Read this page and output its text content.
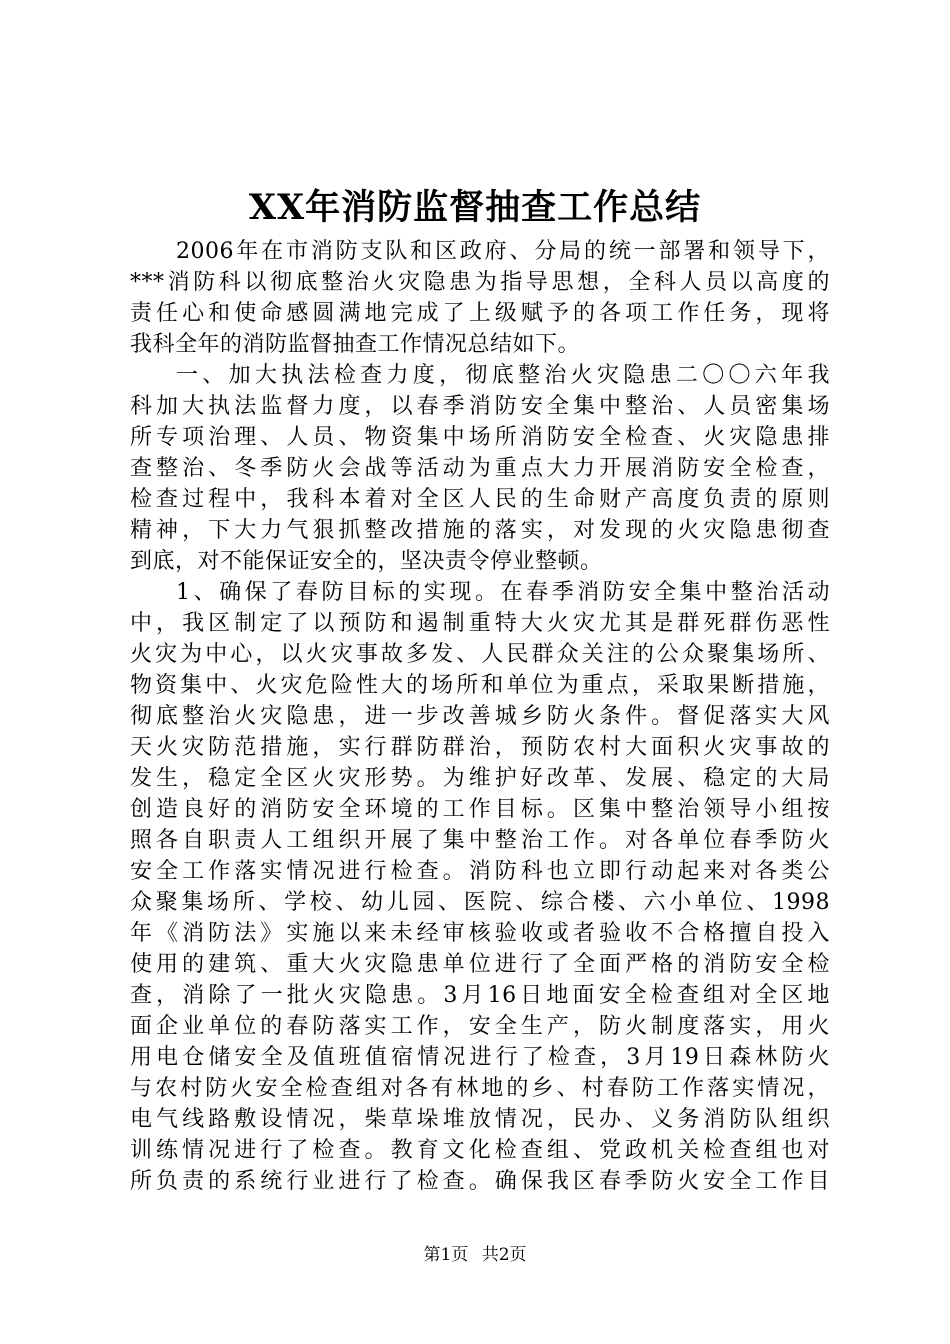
XX年消防监督抽查工作总结
2006年在市消防支队和区政府、分局的统一部署和领导下，
***消防科以彻底整治火灾隐患为指导思想，全科人员以高度的
责任心和使命感圆满地完成了上级赋予的各项工作任务，现将
我科全年的消防监督抽查工作情况总结如下。
一、加大执法检查力度，彻底整治火灾隐患二〇〇六年我
科加大执法监督力度，以春季消防安全集中整治、人员密集场
所专项治理、人员、物资集中场所消防安全检查、火灾隐患排
查整治、冬季防火会战等活动为重点大力开展消防安全检查，
检查过程中，我科本着对全区人民的生命财产高度负责的原则
精神，下大力气狠抓整改措施的落实，对发现的火灾隐患彻查
到底，对不能保证安全的，坚决责令停业整顿。
1、确保了春防目标的实现。在春季消防安全集中整治活动
中，我区制定了以预防和遏制重特大火灾尤其是群死群伤恶性
火灾为中心，以火灾事故多发、人民群众关注的公众聚集场所、
物资集中、火灾危险性大的场所和单位为重点，采取果断措施，
彻底整治火灾隐患，进一步改善城乡防火条件。督促落实大风
天火灾防范措施，实行群防群治，预防农村大面积火灾事故的
发生，稳定全区火灾形势。为维护好改革、发展、稳定的大局
创造良好的消防安全环境的工作目标。区集中整治领导小组按
照各自职责人工组织开展了集中整治工作。对各单位春季防火
安全工作落实情况进行检查。消防科也立即行动起来对各类公
众聚集场所、学校、幼儿园、医院、综合楼、六小单位、1998
年《消防法》实施以来未经审核验收或者验收不合格擅自投入
使用的建筑、重大火灾隐患单位进行了全面严格的消防安全检
查，消除了一批火灾隐患。3月16日地面安全检查组对全区地
面企业单位的春防落实工作，安全生产，防火制度落实，用火
用电仓储安全及值班值宿情况进行了检查，3月19日森林防火
与农村防火安全检查组对各有林地的乡、村春防工作落实情况，
电气线路敷设情况，柴草垛堆放情况，民办、义务消防队组织
训练情况进行了检查。教育文化检查组、党政机关检查组也对
所负责的系统行业进行了检查。确保我区春季防火安全工作目
第1页 共2页
